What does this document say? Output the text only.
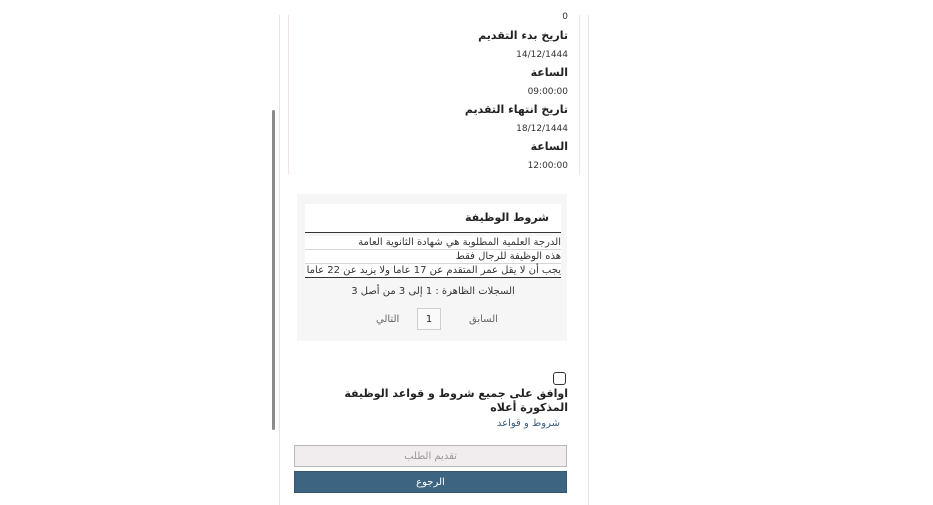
0
تاريخ بدء التقديم
14/12/1444
الساعة
09:00:00
تاريخ انتهاء التقديم
18/12/1444
الساعة
12:00:00
شروط الوظيفة
الدرجة العلمية المطلوبة هي شهادة الثانوية العامة
هذه الوظيفة للرجال فقط
يجب أن لا يقل عمر المتقدم عن 17 عاما ولا يزيد عن 22 عاما
السجلات الظاهرة : 1 إلى 3 من أصل 3
السابق
1
التالي
اوافق على جميع شروط و قواعد الوظيفة المذكورة أعلاه
شروط و قواعد
تقديم الطلب
الرجوع
